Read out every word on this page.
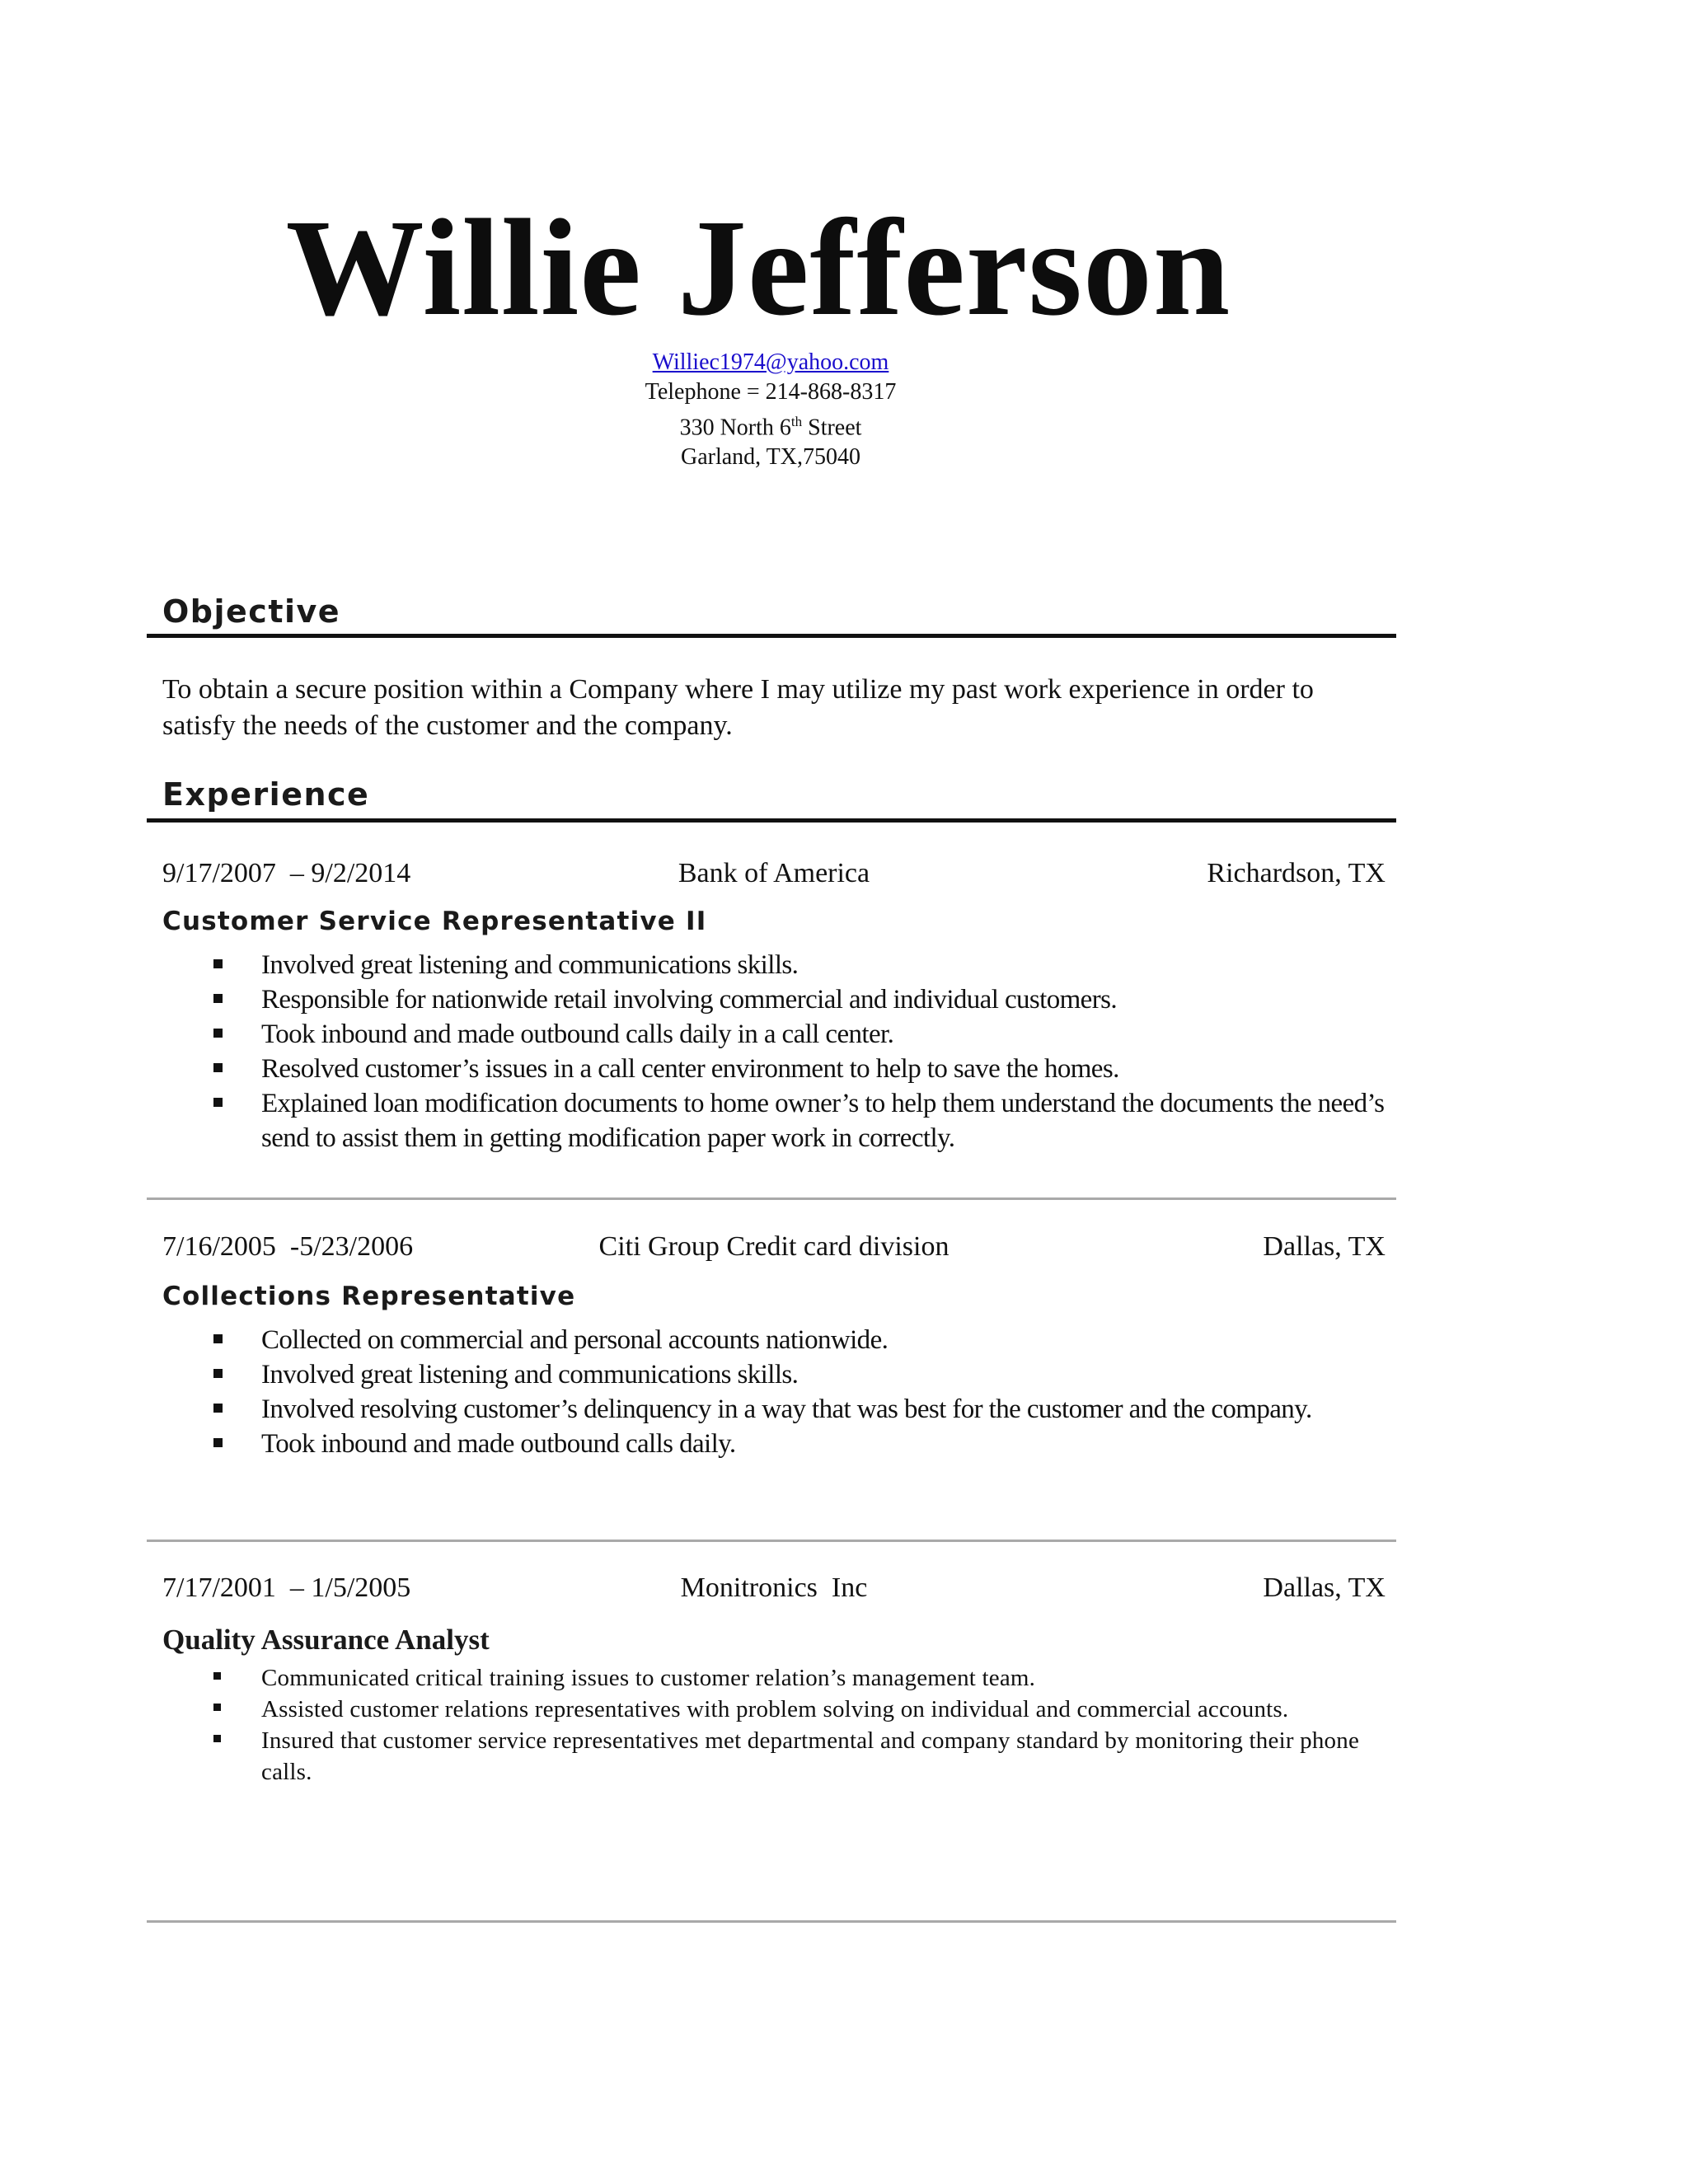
Willie Jefferson
Williec1974@yahoo.com
Telephone = 214-868-8317
330 North 6th Street
Garland, TX,75040
Objective
To obtain a secure position within a Company where I may utilize my past work experience in order to satisfy the needs of the customer and the company.
Experience
9/17/2007  – 9/2/2014	Bank of America	Richardson, TX
Customer Service Representative II
Involved great listening and communications skills.
Responsible for nationwide retail involving commercial and individual customers.
Took inbound and made outbound calls daily in a call center.
Resolved customer’s issues in a call center environment to help to save the homes.
Explained loan modification documents to home owner’s to help them understand the documents the need’s send to assist them in getting modification paper work in correctly.
7/16/2005  -5/23/2006	Citi Group Credit card division	Dallas, TX
Collections Representative
Collected on commercial and personal accounts nationwide.
Involved great listening and communications skills.
Involved resolving customer’s delinquency in a way that was best for the customer and the company.
Took inbound and made outbound calls daily.
7/17/2001  – 1/5/2005	Monitronics  Inc	Dallas, TX
Quality Assurance Analyst
Communicated critical training issues to customer relation’s management team.
Assisted customer relations representatives with problem solving on individual and commercial accounts.
Insured that customer service representatives met departmental and company standard by monitoring their phone calls.
